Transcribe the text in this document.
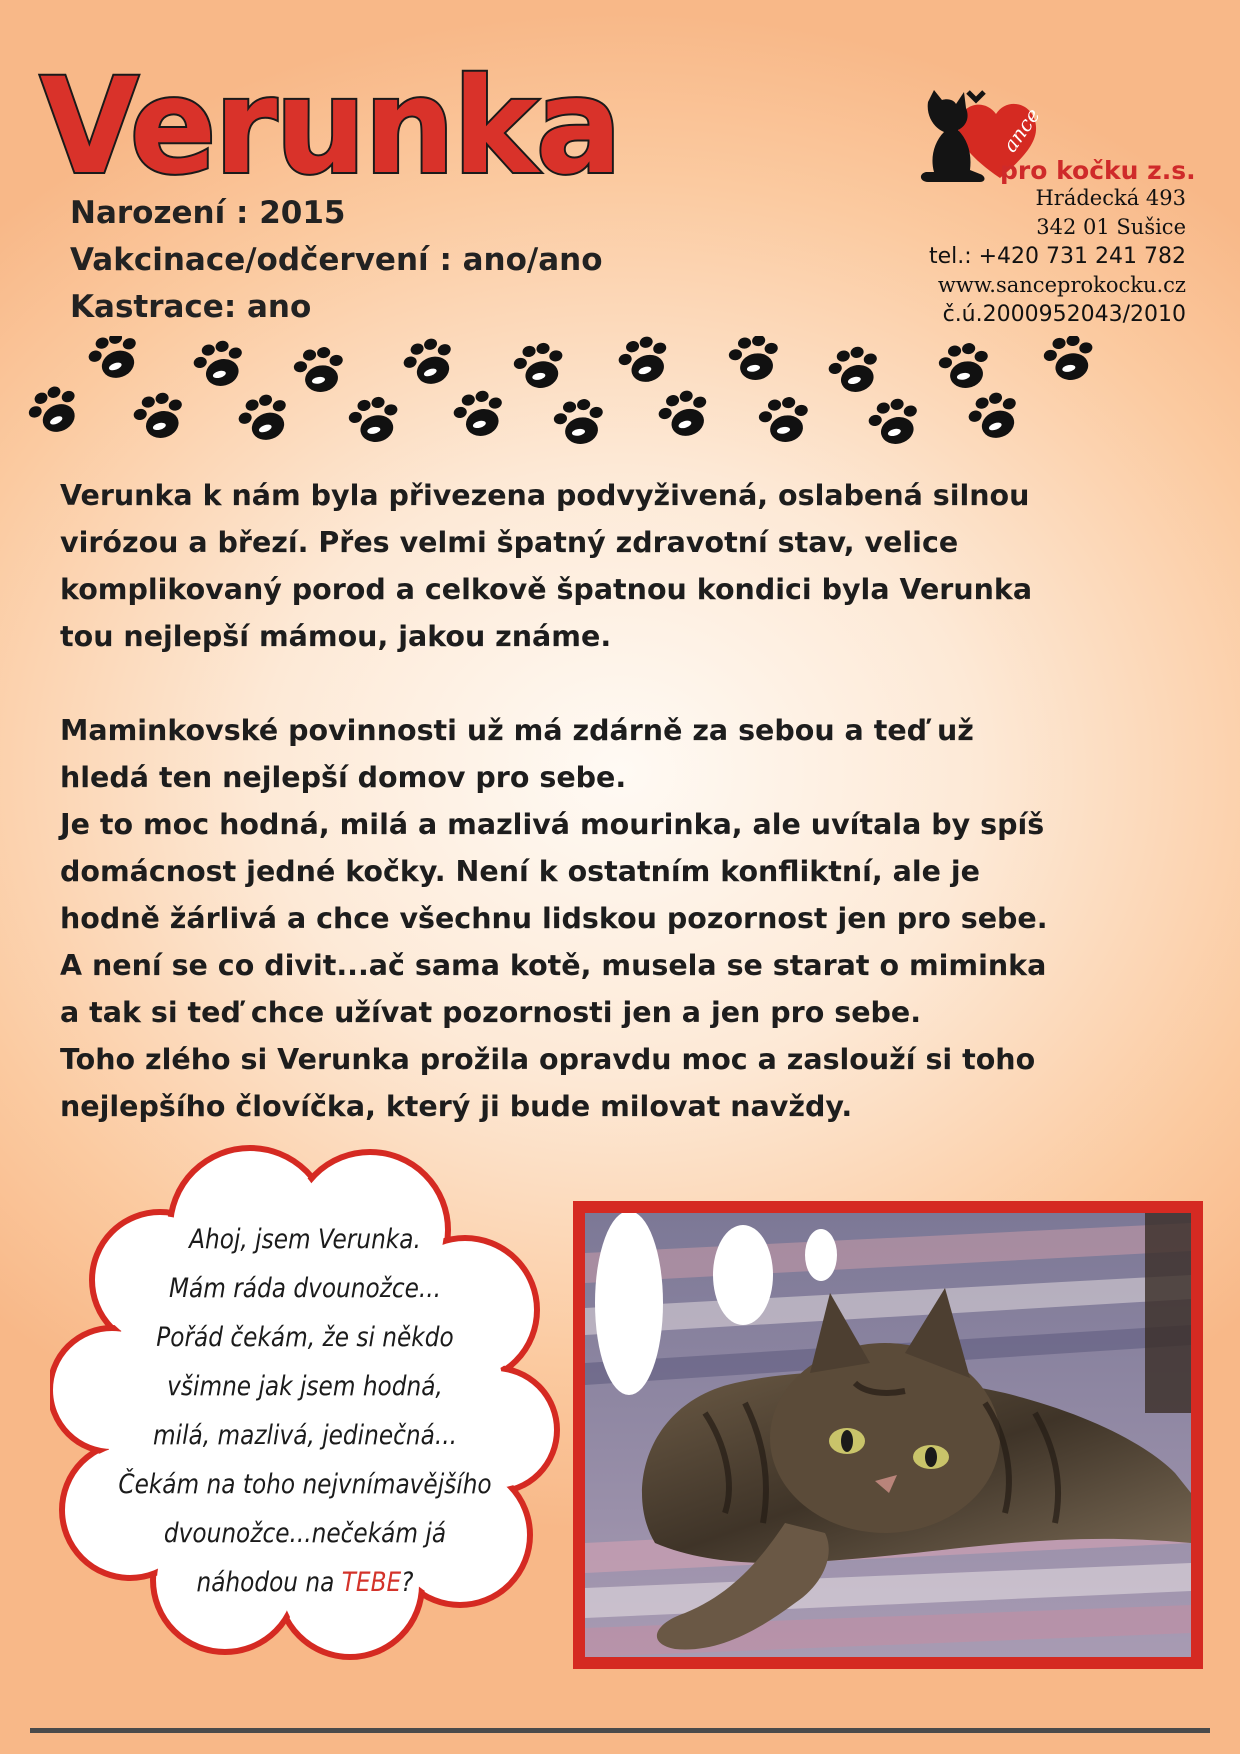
Verunka
Narození : 2015
Vakcinace/odčervení : ano/ano
Kastrace: ano
ance
pro kočku z.s.
Hrádecká 493
342 01 Sušice
tel.: +420 731 241 782
www.sanceprokocku.cz
č.ú.2000952043/2010
Verunka k nám byla přivezena podvyživená, oslabená silnou
virózou a březí. Přes velmi špatný zdravotní stav, velice
komplikovaný porod a celkově špatnou kondici byla Verunka
tou nejlepší mámou, jakou známe.
Maminkovské povinnosti už má zdárně za sebou a teď už
hledá ten nejlepší domov pro sebe.
Je to moc hodná, milá a mazlivá mourinka, ale uvítala by spíš
domácnost jedné kočky. Není k ostatním konfliktní, ale je
hodně žárlivá a chce všechnu lidskou pozornost jen pro sebe.
A není se co divit...ač sama kotě, musela se starat o miminka
a tak si teď chce užívat pozornosti jen a jen pro sebe.
Toho zlého si Verunka prožila opravdu moc a zaslouží si toho
nejlepšího človíčka, který ji bude milovat navždy.
Ahoj, jsem Verunka.
Mám ráda dvounožce...
Pořád čekám, že si někdo
všimne jak jsem hodná,
milá, mazlivá, jedinečná...
Čekám na toho nejvnímavějšího
dvounožce...nečekám já
náhodou na TEBE?
